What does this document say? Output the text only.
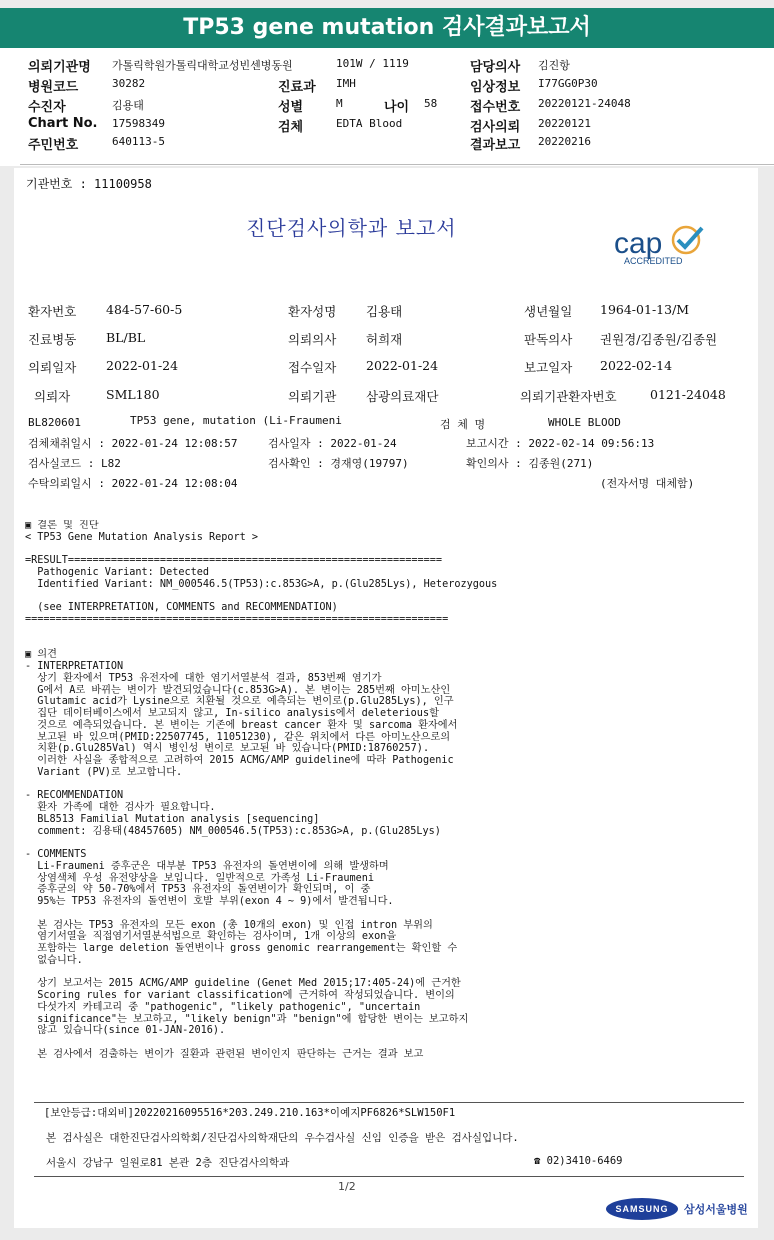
TP53 gene mutation 검사결과보고서
의뢰기관명 가톨릭학원가톨릭대학교성빈센병동원	101W / 1119	담당의사 김진항
병원코드	30282	진료과 IMH	임상정보 I77GG0P30
수진자	김용태	성별	M	나이 58	접수번호 20220121-24048
Chart No. 17598349	검체	EDTA Blood	검사의뢰 20220121
주민번호	640113-5	결과보고 20220216
기관번호 : 11100958
진단검사의학과 보고서	cap
ACCREDITED
환자번호 484-57-60-5	환자성명 김용태	생년월일 1964-01-13/M
진료병동 BL/BL	의뢰의사 허희재	판독의사 권원경/김종원/김종원
의뢰일자 2022-01-24	접수일자 2022-01-24	보고일자 2022-02-14
의뢰자	SML180	의뢰기관 삼광의료재단	의뢰기관환자번호	0121-24048
BL820601	TP53 gene, mutation (Li-Fraumeni	검 체 명	WHOLE BLOOD
검체채취일시 : 2022-01-24 12:08:57	검사일자 : 2022-01-24	보고시간 : 2022-02-14 09:56:13
검사실코드 : L82	검사확인 : 경재영(19797)	확인의사 : 김종원(271)
수탁의뢰일시 : 2022-01-24 12:08:04	(전자서명 대체함)
▣ 결론 및 진단
< TP53 Gene Mutation Analysis Report >

=RESULT=============================================================
Pathogenic Variant: Detected
Identified Variant: NM_000546.5(TP53):c.853G>A, p.(Glu285Lys), Heterozygous

(see INTERPRETATION, COMMENTS and RECOMMENDATION)
=====================================================================

▣ 의견
- INTERPRETATION
상기 환자에서 TP53 유전자에 대한 염기서열분석 결과, 853번째 염기가
G에서 A로 바뀌는 변이가 발견되었습니다(c.853G>A). 본 변이는 285번째 아미노산인
Glutamic acid가 Lysine으로 치환될 것으로 예측되는 변이로(p.Glu285Lys), 인구
집단 데이터베이스에서 보고되지 않고, In-silico analysis에서 deleterious할
것으로 예측되었습니다. 본 변이는 기존에 breast cancer 환자 및 sarcoma 환자에서
보고된 바 있으며(PMID:22507745, 11051230), 같은 위치에서 다른 아미노산으로의
치환(p.Glu285Val) 역시 병인성 변이로 보고된 바 있습니다(PMID:18760257).
이러한 사실을 종합적으로 고려하여 2015 ACMG/AMP guideline에 따라 Pathogenic
Variant (PV)로 보고합니다.

- RECOMMENDATION
환자 가족에 대한 검사가 필요합니다.
BL8513 Familial Mutation analysis [sequencing]
comment: 김용태(48457605) NM_000546.5(TP53):c.853G>A, p.(Glu285Lys)

- COMMENTS
Li-Fraumeni 증후군은 대부분 TP53 유전자의 돌연변이에 의해 발생하며
상염색체 우성 유전양상을 보입니다. 일반적으로 가족성 Li-Fraumeni
증후군의 약 50-70%에서 TP53 유전자의 돌연변이가 확인되며, 이 중
95%는 TP53 유전자의 돌연변이 호발 부위(exon 4 ~ 9)에서 발견됩니다.

본 검사는 TP53 유전자의 모든 exon (총 10개의 exon) 및 인접 intron 부위의
염기서열을 직접염기서열분석법으로 확인하는 검사이며, 1개 이상의 exon을
포함하는 large deletion 돌연변이나 gross genomic rearrangement는 확인할 수
없습니다.

상기 보고서는 2015 ACMG/AMP guideline (Genet Med 2015;17:405-24)에 근거한
Scoring rules for variant classification에 근거하여 작성되었습니다. 변이의
다섯가지 카테고리 중 "pathogenic", "likely pathogenic", "uncertain
significance"는 보고하고, "likely benign"과 "benign"에 합당한 변이는 보고하지
않고 있습니다(since 01-JAN-2016).

본 검사에서 검출하는 변이가 질환과 관련된 변이인지 판단하는 근거는 결과 보고
[보안등급:대외비]20220216095516*203.249.210.163*이예지PF6826*SLW150F1
본 검사실은 대한진단검사의학회/진단검사의학재단의 우수검사실 신임 인증을 받은 검사실입니다.
서울시 강남구 일원로81 본관 2층 진단검사의학과	☎ 02)3410-6469
1/2
SAMSUNG	삼성서울병원
